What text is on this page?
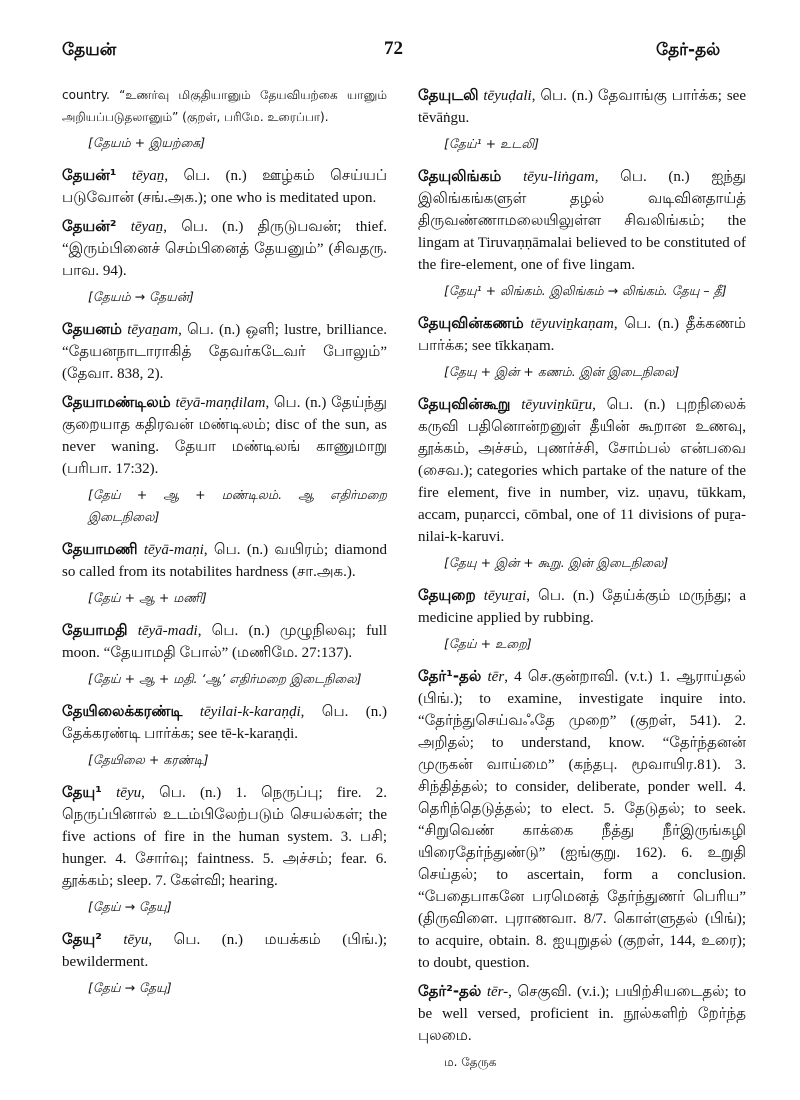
தேயன்	72	தேர்-தல்
country. “உணர்வு மிகுதியானும் தேயவியற்கை யானும் அறியப்படுதலானும்” (குறள், பரிமே. உரைப்பா).
[தேயம் + இயற்கை]
தேயன்¹ tēyaṉ, பெ. (n.) ஊழ்கம் செய்யப் படுவோன் (சங்.அக.); one who is meditated upon.
தேயன்² tēyaṉ, பெ. (n.) திருடுபவன்; thief. “இரும்பினைச் செம்பினைத் தேயனும்” (சிவதரு. பாவ. 94).
[தேயம் → தேயன்]
தேயனம் tēyaṉam, பெ. (n.) ஒளி; lustre, brilliance. “தேயனநாடாராகித் தேவர்கடேவர் போலும்” (தேவா. 838, 2).
தேயாமண்டிலம் tēyā-maṇḍilam, பெ. (n.) தேய்ந்து குறையாத கதிரவன் மண்டிலம்; disc of the sun, as never waning. தேயா மண்டிலங் காணுமாறு (பரிபா. 17:32).
[தேய் + ஆ + மண்டிலம். ஆ எதிர்மறை இடைநிலை]
தேயாமணி tēyā-maṇi, பெ. (n.) வயிரம்; diamond so called from its notabilites hardness (சா.அக.).
[தேய் + ஆ + மணி]
தேயாமதி tēyā-madi, பெ. (n.) முழுநிலவு; full moon. “தேயாமதி போல்” (மணிமே. 27:137).
[தேய் + ஆ + மதி. ‘ஆ’ எதிர்மறை இடைநிலை]
தேயிலைக்கரண்டி tēyilai-k-karaṇḍi, பெ. (n.) தேக்கரண்டி பார்க்க; see tē-k-karaṇḍi.
[தேயிலை + கரண்டி]
தேயு¹ tēyu, பெ. (n.) 1. நெருப்பு; fire. 2. நெருப்பினால் உடம்பிலேற்படும் செயல்கள்; the five actions of fire in the human system. 3. பசி; hunger. 4. சோர்வு; faintness. 5. அச்சம்; fear. 6. தூக்கம்; sleep. 7. கேள்வி; hearing.
[தேய் → தேயு]
தேயு² tēyu, பெ. (n.) மயக்கம் (பிங்.); bewilderment.
[தேய் → தேயு]
தேயுடலி tēyuḍali, பெ. (n.) தேவாங்கு பார்க்க; see tēvāṅgu.
[தேய்¹ + உடலி]
தேயுலிங்கம் tēyu-liṅgam, பெ. (n.) ஐந்து இலிங்கங்களுள் தழல் வடிவினதாய்த் திருவண்ணாமலையிலுள்ள சிவலிங்கம்; the lingam at Tiruvaṇṇāmalai believed to be constituted of the fire-element, one of five lingam.
[தேயு¹ + லிங்கம். இலிங்கம் → லிங்கம். தேயு – தீ]
தேயுவின்கணம் tēyuviṉkaṇam, பெ. (n.) தீக்கணம் பார்க்க; see tīkkaṇam.
[தேயு + இன் + கணம். இன் இடைநிலை]
தேயுவின்கூறு tēyuviṉkūṟu, பெ. (n.) புறநிலைக் கருவி பதினொன்றனுள் தீயின் கூறான உணவு, தூக்கம், அச்சம், புணர்ச்சி, சோம்பல் என்பவை (சைவ.); categories which partake of the nature of the fire element, five in number, viz. uṇavu, tūkkam, accam, puṇarcci, cōmbal, one of 11 divisions of puṟa-nilai-k-karuvi.
[தேயு + இன் + கூறு. இன் இடைநிலை]
தேயுறை tēyuṟai, பெ. (n.) தேய்க்கும் மருந்து; a medicine applied by rubbing.
[தேய் + உறை]
தேர்¹-தல் tēr, 4 செ.குன்றாவி. (v.t.) 1. ஆராய்தல் (பிங்.); to examine, investigate inquire into. “தேர்ந்துசெய்வஃதே முறை” (குறள், 541). 2. அறிதல்; to understand, know. “தேர்ந்தனன் முருகன் வாய்மை” (கந்தபு. மூவாயிர.81). 3. சிந்தித்தல்; to consider, deliberate, ponder well. 4. தெரிந்தெடுத்தல்; to elect. 5. தேடுதல்; to seek. “சிறுவெண் காக்கை நீத்து நீர்இருங்கழி யிரைதேர்ந்துண்டு” (ஐங்குறு. 162). 6. உறுதி செய்தல்; to ascertain, form a conclusion. “பேதைபாகனே பரமெனத் தேர்ந்துணர் பெரிய” (திருவிளை. புராணவா. 8/7. கொள்ளுதல் (பிங்); to acquire, obtain. 8. ஐயுறுதல் (குறள், 144, உரை); to doubt, question.
தேர்²-தல் tēr-, செகுவி. (v.i.); பயிற்சியடைதல்; to be well versed, proficient in. நூல்களிற் றேர்ந்த புலமை.
ம. தேருக
